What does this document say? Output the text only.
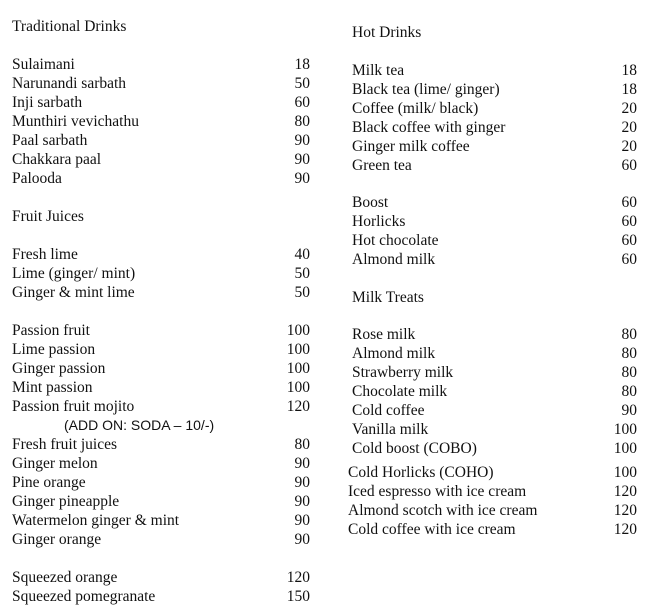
Traditional Drinks
Sulaimani	18
Narunandi sarbath	50
Inji sarbath	60
Munthiri vevichathu	80
Paal sarbath	90
Chakkara paal	90
Palooda	90
Fruit Juices
Fresh lime	40
Lime (ginger/ mint)	50
Ginger & mint lime	50
Passion fruit	100
Lime passion	100
Ginger passion	100
Mint passion	100
Passion fruit mojito	120
(ADD ON: SODA – 10/-)
Fresh fruit juices	80
Ginger melon	90
Pine orange	90
Ginger pineapple	90
Watermelon ginger & mint	90
Ginger orange	90
Squeezed orange	120
Squeezed pomegranate	150
Hot Drinks
Milk tea	18
Black tea (lime/ ginger)	18
Coffee (milk/ black)	20
Black coffee with ginger	20
Ginger milk coffee	20
Green tea	60
Boost	60
Horlicks	60
Hot chocolate	60
Almond milk	60
Milk Treats
Rose milk	80
Almond milk	80
Strawberry milk	80
Chocolate milk	80
Cold coffee	90
Vanilla milk	100
Cold boost (COBO)	100
Cold Horlicks (COHO)	100
Iced espresso with ice cream	120
Almond scotch with ice cream	120
Cold coffee with ice cream	120
